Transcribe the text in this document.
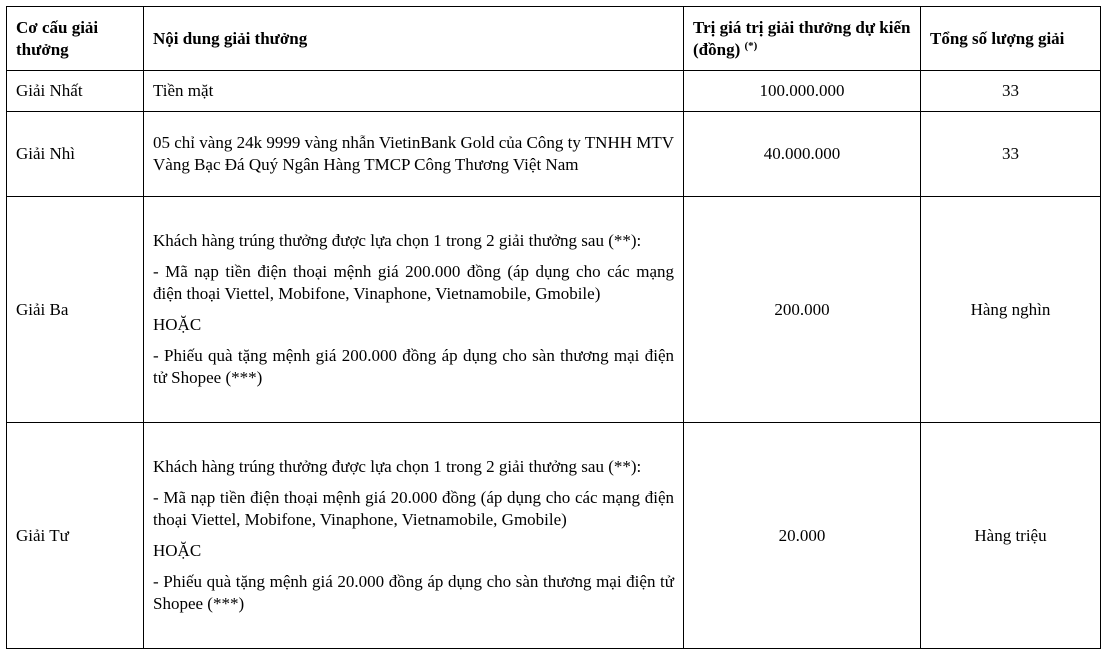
Cơ cấu giải thưởng	Nội dung giải thưởng	Trị giá trị giải thưởng dự kiến (đồng) (*)	Tổng số lượng giải
Giải Nhất	Tiền mặt	100.000.000	33
Giải Nhì	05 chỉ vàng 24k 9999 vàng nhẫn VietinBank Gold của Công ty TNHH MTV Vàng Bạc Đá Quý Ngân Hàng TMCP Công Thương Việt Nam	40.000.000	33
Giải Ba	Khách hàng trúng thưởng được lựa chọn 1 trong 2 giải thưởng sau (**):

- Mã nạp tiền điện thoại mệnh giá 200.000 đồng (áp dụng cho các mạng điện thoại Viettel, Mobifone, Vinaphone, Vietnamobile, Gmobile)

HOẶC

- Phiếu quà tặng mệnh giá 200.000 đồng áp dụng cho sàn thương mại điện tử Shopee (***)	200.000	Hàng nghìn
Giải Tư	Khách hàng trúng thưởng được lựa chọn 1 trong 2 giải thưởng sau (**):

- Mã nạp tiền điện thoại mệnh giá 20.000 đồng (áp dụng cho các mạng điện thoại Viettel, Mobifone, Vinaphone, Vietnamobile, Gmobile)

HOẶC

- Phiếu quà tặng mệnh giá 20.000 đồng áp dụng cho sàn thương mại điện tử Shopee (***)	20.000	Hàng triệu
